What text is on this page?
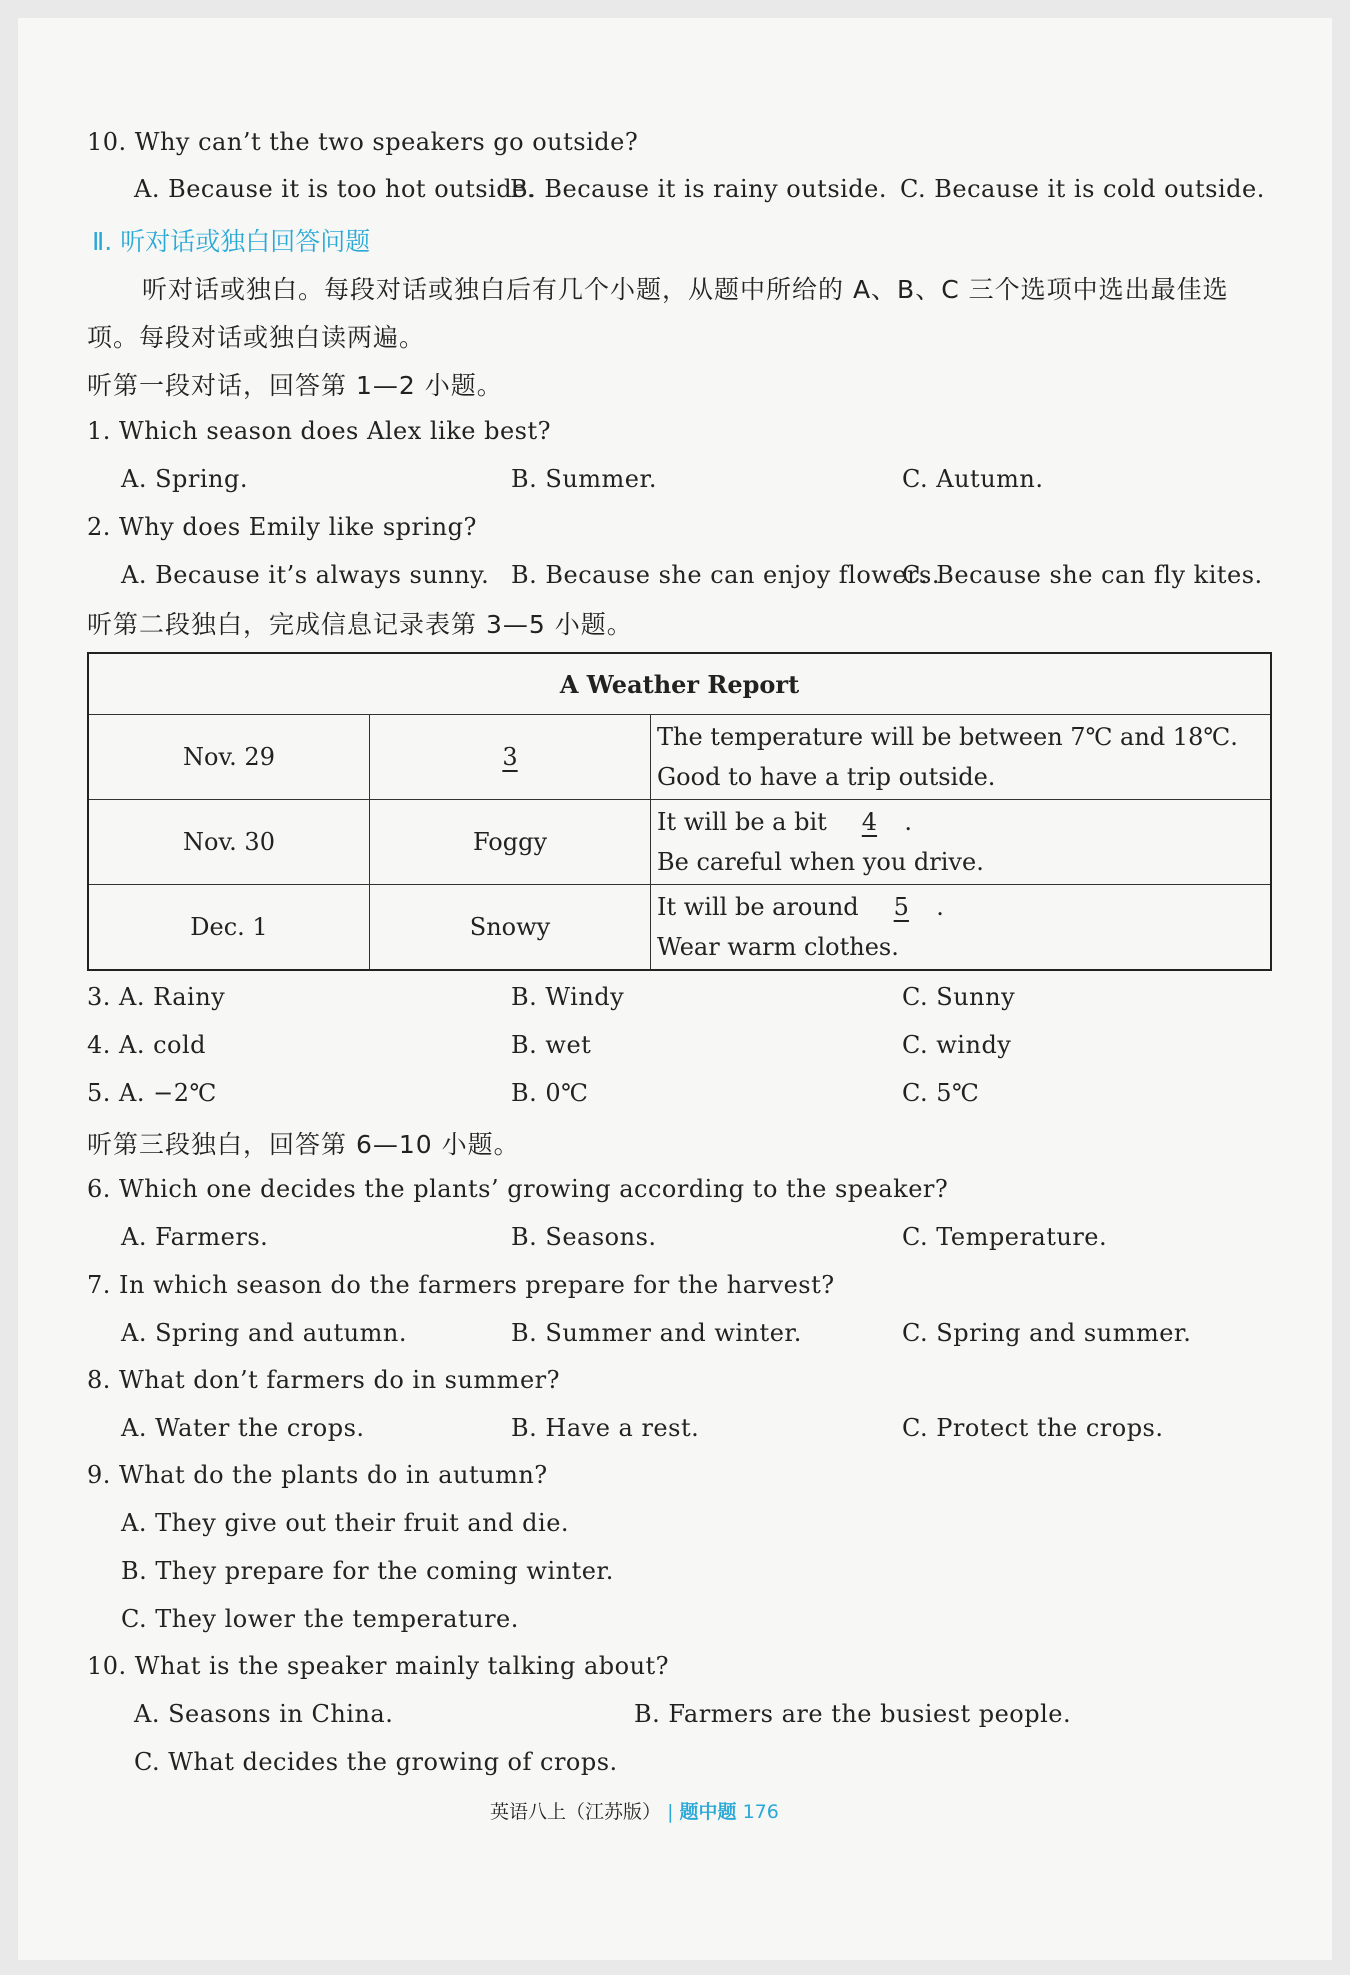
10. Why can’t the two speakers go outside?
A. Because it is too hot outside.
B. Because it is rainy outside. C. Because it is cold outside.
Ⅱ. 听对话或独白回答问题
听对话或独白。每段对话或独白后有几个小题，从题中所给的 A、B、C 三个选项中选出最佳选
项。每段对话或独白读两遍。
听第一段对话，回答第 1—2 小题。
1. Which season does Alex like best?
A. Spring.	B. Summer.	C. Autumn.
2. Why does Emily like spring?
A. Because it’s always sunny. B. Because she can enjoy flowers.
C. Because she can fly kites.
听第二段独白，完成信息记录表第 3—5 小题。
A Weather Report		
Nov. 29	3	The temperature will be between 7℃ and 18℃.
Good to have a trip outside.

Nov. 30	Foggy	It will be a bit 4 .
Be careful when you drive.

Dec. 1	Snowy	It will be around 5 .
Wear warm clothes.
3. A. Rainy	B. Windy	C. Sunny
4. A. cold	B. wet	C. windy
5. A. −2℃	B. 0℃	C. 5℃
听第三段独白，回答第 6—10 小题。
6. Which one decides the plants’ growing according to the speaker?
A. Farmers.	B. Seasons.	C. Temperature.
7. In which season do the farmers prepare for the harvest?
A. Spring and autumn.	B. Summer and winter.	C. Spring and summer.
8. What don’t farmers do in summer?
A. Water the crops.	B. Have a rest.	C. Protect the crops.
9. What do the plants do in autumn?
A. They give out their fruit and die.
B. They prepare for the coming winter.
C. They lower the temperature.
10. What is the speaker mainly talking about?
A. Seasons in China.	B. Farmers are the busiest people.
C. What decides the growing of crops.
英语八上（江苏版） | 题中题 176
